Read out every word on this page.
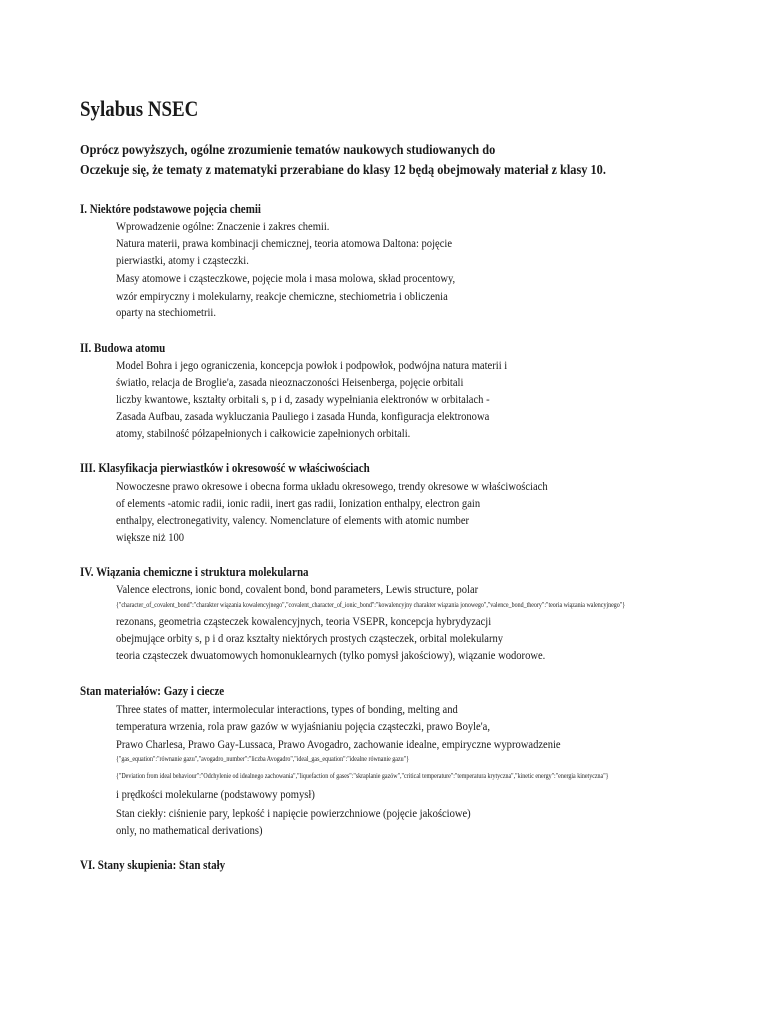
Sylabus NSEC
Oprócz powyższych, ogólne zrozumienie tematów naukowych studiowanych do
Oczekuje się, że tematy z matematyki przerabiane do klasy 12 będą obejmowały materiał z klasy 10.
I. Niektóre podstawowe pojęcia chemii
Wprowadzenie ogólne: Znaczenie i zakres chemii.
Natura materii, prawa kombinacji chemicznej, teoria atomowa Daltona: pojęcie
pierwiastki, atomy i cząsteczki.
Masy atomowe i cząsteczkowe, pojęcie mola i masa molowa, skład procentowy,
wzór empiryczny i molekularny, reakcje chemiczne, stechiometria i obliczenia
oparty na stechiometrii.
II. Budowa atomu
Model Bohra i jego ograniczenia, koncepcja powłok i podpowłok, podwójna natura materii i
światło, relacja de Broglie'a, zasada nieoznaczoności Heisenberga, pojęcie orbitali
liczby kwantowe, kształty orbitali s, p i d, zasady wypełniania elektronów w orbitalach -
Zasada Aufbau, zasada wykluczania Pauliego i zasada Hunda, konfiguracja elektronowa
atomy, stabilność półzapełnionych i całkowicie zapełnionych orbitali.
III. Klasyfikacja pierwiastków i okresowość w właściwościach
Nowoczesne prawo okresowe i obecna forma układu okresowego, trendy okresowe w właściwościach
of elements -atomic radii, ionic radii, inert gas radii, Ionization enthalpy, electron gain
enthalpy, electronegativity, valency. Nomenclature of elements with atomic number
większe niż 100
IV. Wiązania chemiczne i struktura molekularna
Valence electrons, ionic bond, covalent bond, bond parameters, Lewis structure, polar
{"character_of_covalent_bond":"charakter wiązania kowalencyjnego","covalent_character_of_ionic_bond":"kowalencyjny charakter wiązania jonowego","valence_bond_theory":"teoria wiązania walencyjnego"}
rezonans, geometria cząsteczek kowalencyjnych, teoria VSEPR, koncepcja hybrydyzacji
obejmujące orbity s, p i d oraz kształty niektórych prostych cząsteczek, orbital molekularny
teoria cząsteczek dwuatomowych homonuklearnych (tylko pomysł jakościowy), wiązanie wodorowe.
Stan materiałów: Gazy i ciecze
Three states of matter, intermolecular interactions, types of bonding, melting and
temperatura wrzenia, rola praw gazów w wyjaśnianiu pojęcia cząsteczki, prawo Boyle'a,
Prawo Charlesa, Prawo Gay-Lussaca, Prawo Avogadro, zachowanie idealne, empiryczne wyprowadzenie
{"gas_equation":"równanie gazu","avogadro_number":"liczba Avogadro","ideal_gas_equation":"idealne równanie gazu"}
{"Deviation from ideal behaviour":"Odchylenie od idealnego zachowania","liquefaction of gases":"skraplanie gazów","critical temperature":"temperatura krytyczna","kinetic energy":"energia kinetyczna"}
i prędkości molekularne (podstawowy pomysł)
Stan ciekły: ciśnienie pary, lepkość i napięcie powierzchniowe (pojęcie jakościowe)
only, no mathematical derivations)
VI. Stany skupienia: Stan stały
